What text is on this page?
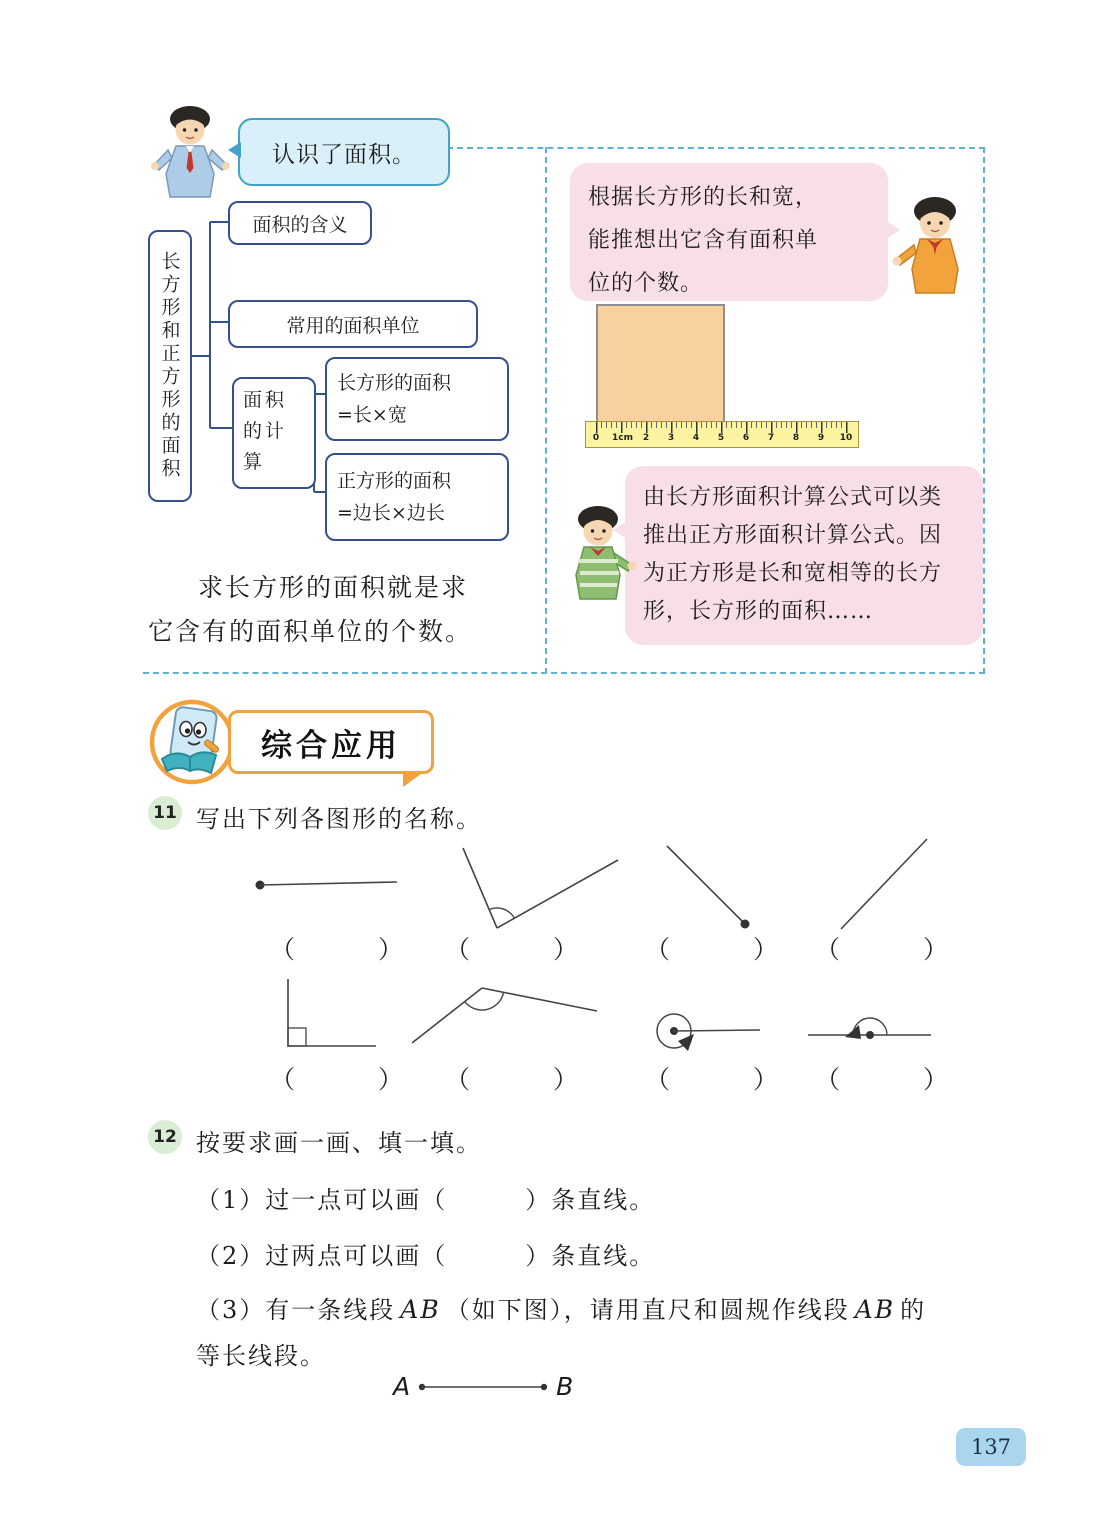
认识了面积。
长方形和正方形的面积
面积的含义
常用的面积单位
面积的计算
长方形的面积
=长×宽
正方形的面积
=边长×边长
求长方形的面积就是求
它含有的面积单位的个数。
根据长方形的长和宽，
能推想出它含有面积单
位的个数。
0	1cm	2	3	4	5	6	7	8	9	10
由长方形面积计算公式可以类
推出正方形面积计算公式。因
为正方形是长和宽相等的长方
形，长方形的面积……
综合应用
11 写出下列各图形的名称。
（　　　） （　　　）	（　　　） （　　　）
（　　　） （　　　）	（　　　） （　　　）
12 按要求画一画、填一填。
（1）过一点可以画（　　　）条直线。
（2）过两点可以画（　　　）条直线。
（3）有一条线段 AB （如下图），请用直尺和圆规作线段 AB 的
等长线段。
A	B
137
